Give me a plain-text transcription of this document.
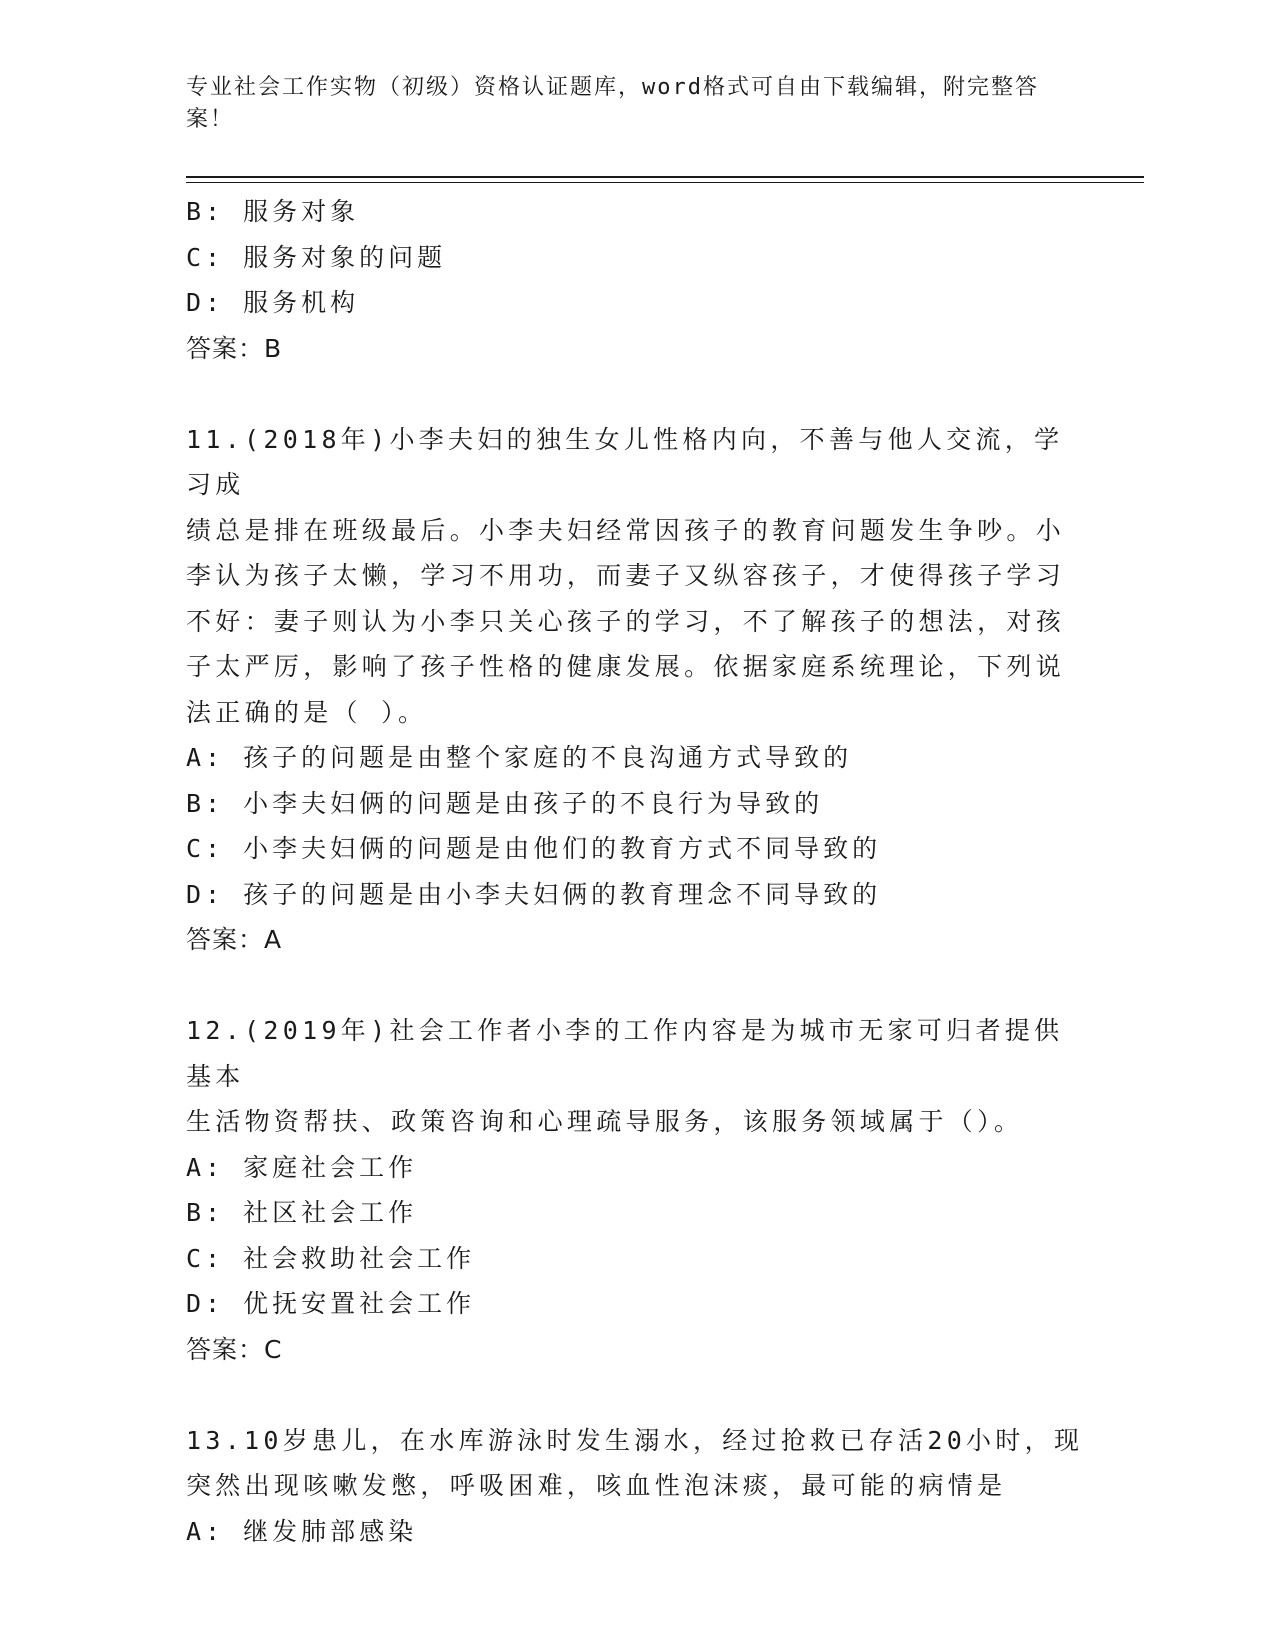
专业社会工作实物（初级）资格认证题库，word格式可自由下载编辑，附完整答案！
B: 服务对象
C: 服务对象的问题
D: 服务机构
答案：B
11.(2018年)小李夫妇的独生女儿性格内向，不善与他人交流，学习成
绩总是排在班级最后。小李夫妇经常因孩子的教育问题发生争吵。小
李认为孩子太懒，学习不用功，而妻子又纵容孩子，才使得孩子学习
不好：妻子则认为小李只关心孩子的学习，不了解孩子的想法，对孩
子太严厉，影响了孩子性格的健康发展。依据家庭系统理论，下列说
法正确的是（ ）。
A: 孩子的问题是由整个家庭的不良沟通方式导致的
B: 小李夫妇俩的问题是由孩子的不良行为导致的
C: 小李夫妇俩的问题是由他们的教育方式不同导致的
D: 孩子的问题是由小李夫妇俩的教育理念不同导致的
答案：A
12.(2019年)社会工作者小李的工作内容是为城市无家可归者提供基本
生活物资帮扶、政策咨询和心理疏导服务，该服务领域属于（）。
A: 家庭社会工作
B: 社区社会工作
C: 社会救助社会工作
D: 优抚安置社会工作
答案：C
13.10岁患儿，在水库游泳时发生溺水，经过抢救已存活20小时，现
突然出现咳嗽发憋，呼吸困难，咳血性泡沫痰，最可能的病情是
A: 继发肺部感染
